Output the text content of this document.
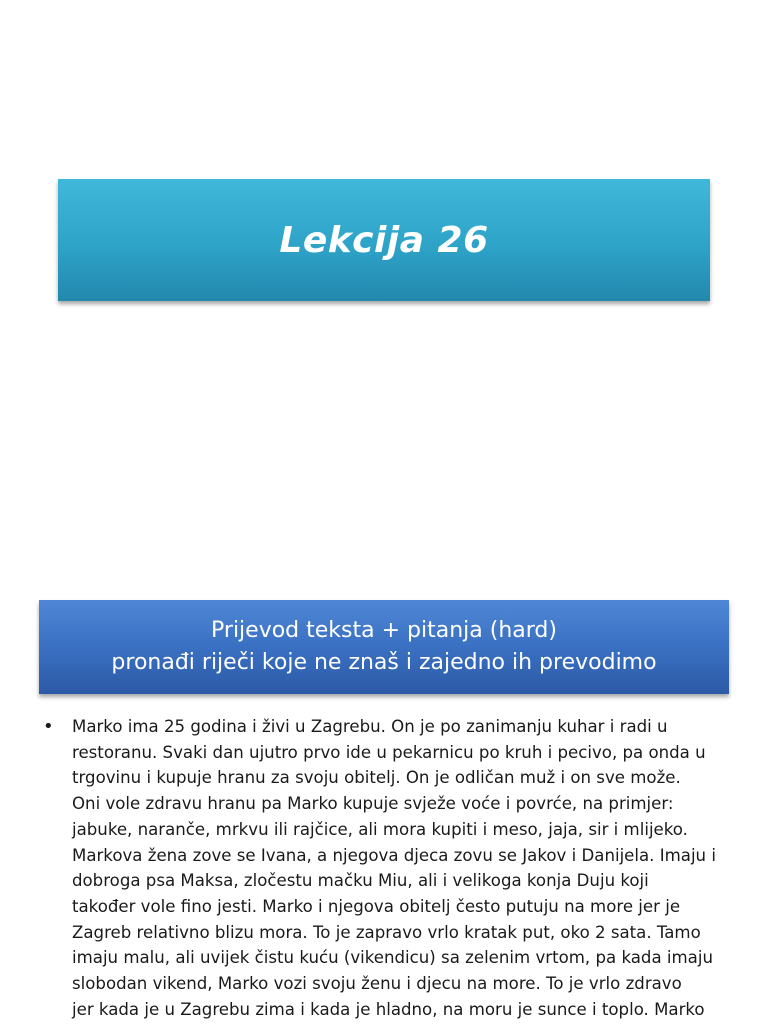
Lekcija 26
Prijevod teksta + pitanja (hard)
pronađi riječi koje ne znaš i zajedno ih prevodimo
•	Marko ima 25 godina i živi u Zagrebu. On je po zanimanju kuhar i radi u
restoranu. Svaki dan ujutro prvo ide u pekarnicu po kruh i pecivo, pa onda u
trgovinu i kupuje hranu za svoju obitelj. On je odličan muž i on sve može.
Oni vole zdravu hranu pa Marko kupuje svježe voće i povrće, na primjer:
jabuke, naranče, mrkvu ili rajčice, ali mora kupiti i meso, jaja, sir i mlijeko.
Markova žena zove se Ivana, a njegova djeca zovu se Jakov i Danijela. Imaju i
dobroga psa Maksa, zločestu mačku Miu, ali i velikoga konja Duju koji
također vole fino jesti. Marko i njegova obitelj često putuju na more jer je
Zagreb relativno blizu mora. To je zapravo vrlo kratak put, oko 2 sata. Tamo
imaju malu, ali uvijek čistu kuću (vikendicu) sa zelenim vrtom, pa kada imaju
slobodan vikend, Marko vozi svoju ženu i djecu na more. To je vrlo zdravo
jer kada je u Zagrebu zima i kada je hladno, na moru je sunce i toplo. Marko
